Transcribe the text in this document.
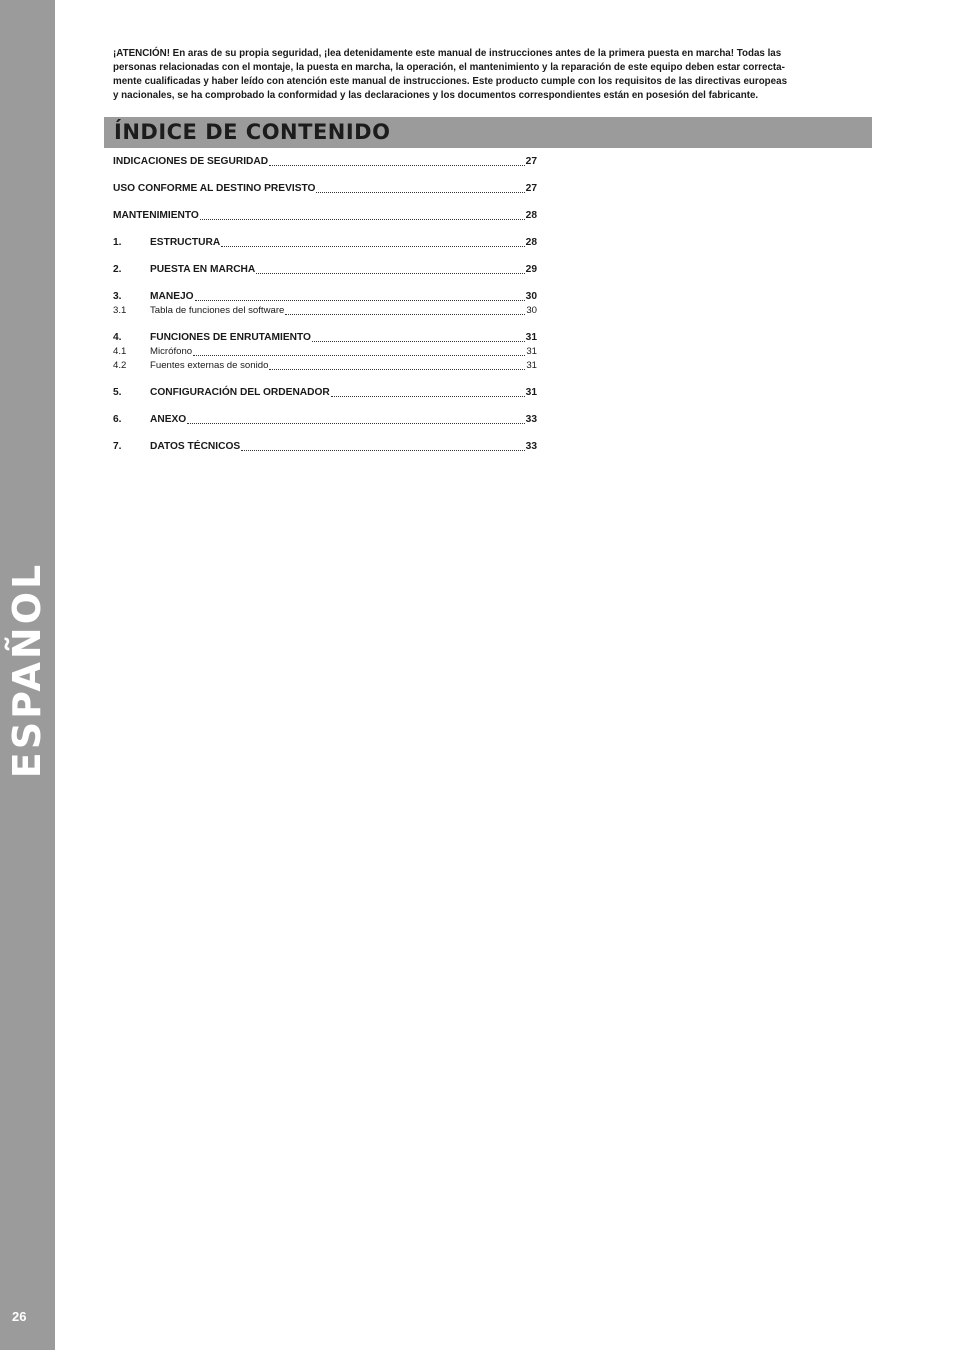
ESPAÑOL
26

¡ATENCIÓN! En aras de su propia seguridad, ¡lea detenidamente este manual de instrucciones antes de la primera puesta en marcha! Todas las

personas relacionadas con el montaje, la puesta en marcha, la operación, el mantenimiento y la reparación de este equipo deben estar correcta-

mente cualificadas y haber leído con atención este manual de instrucciones. Este producto cumple con los requisitos de las directivas europeas

y nacionales, se ha comprobado la conformidad y las declaraciones y los documentos correspondientes están en posesión del fabricante.

ÍNDICE DE CONTENIDO
INDICACIONES DE SEGURIDAD	27
USO CONFORME AL DESTINO PREVISTO	27
MANTENIMIENTO	28
1.	ESTRUCTURA	28
2.	PUESTA EN MARCHA	29
3.	MANEJO	30
3.1	Tabla de funciones del software	30
4.	FUNCIONES DE ENRUTAMIENTO	31
4.1	Micrófono	31
4.2	Fuentes externas de sonido	31
5.	CONFIGURACIÓN DEL ORDENADOR	31
6.	ANEXO	33
7.	DATOS TÉCNICOS	33
